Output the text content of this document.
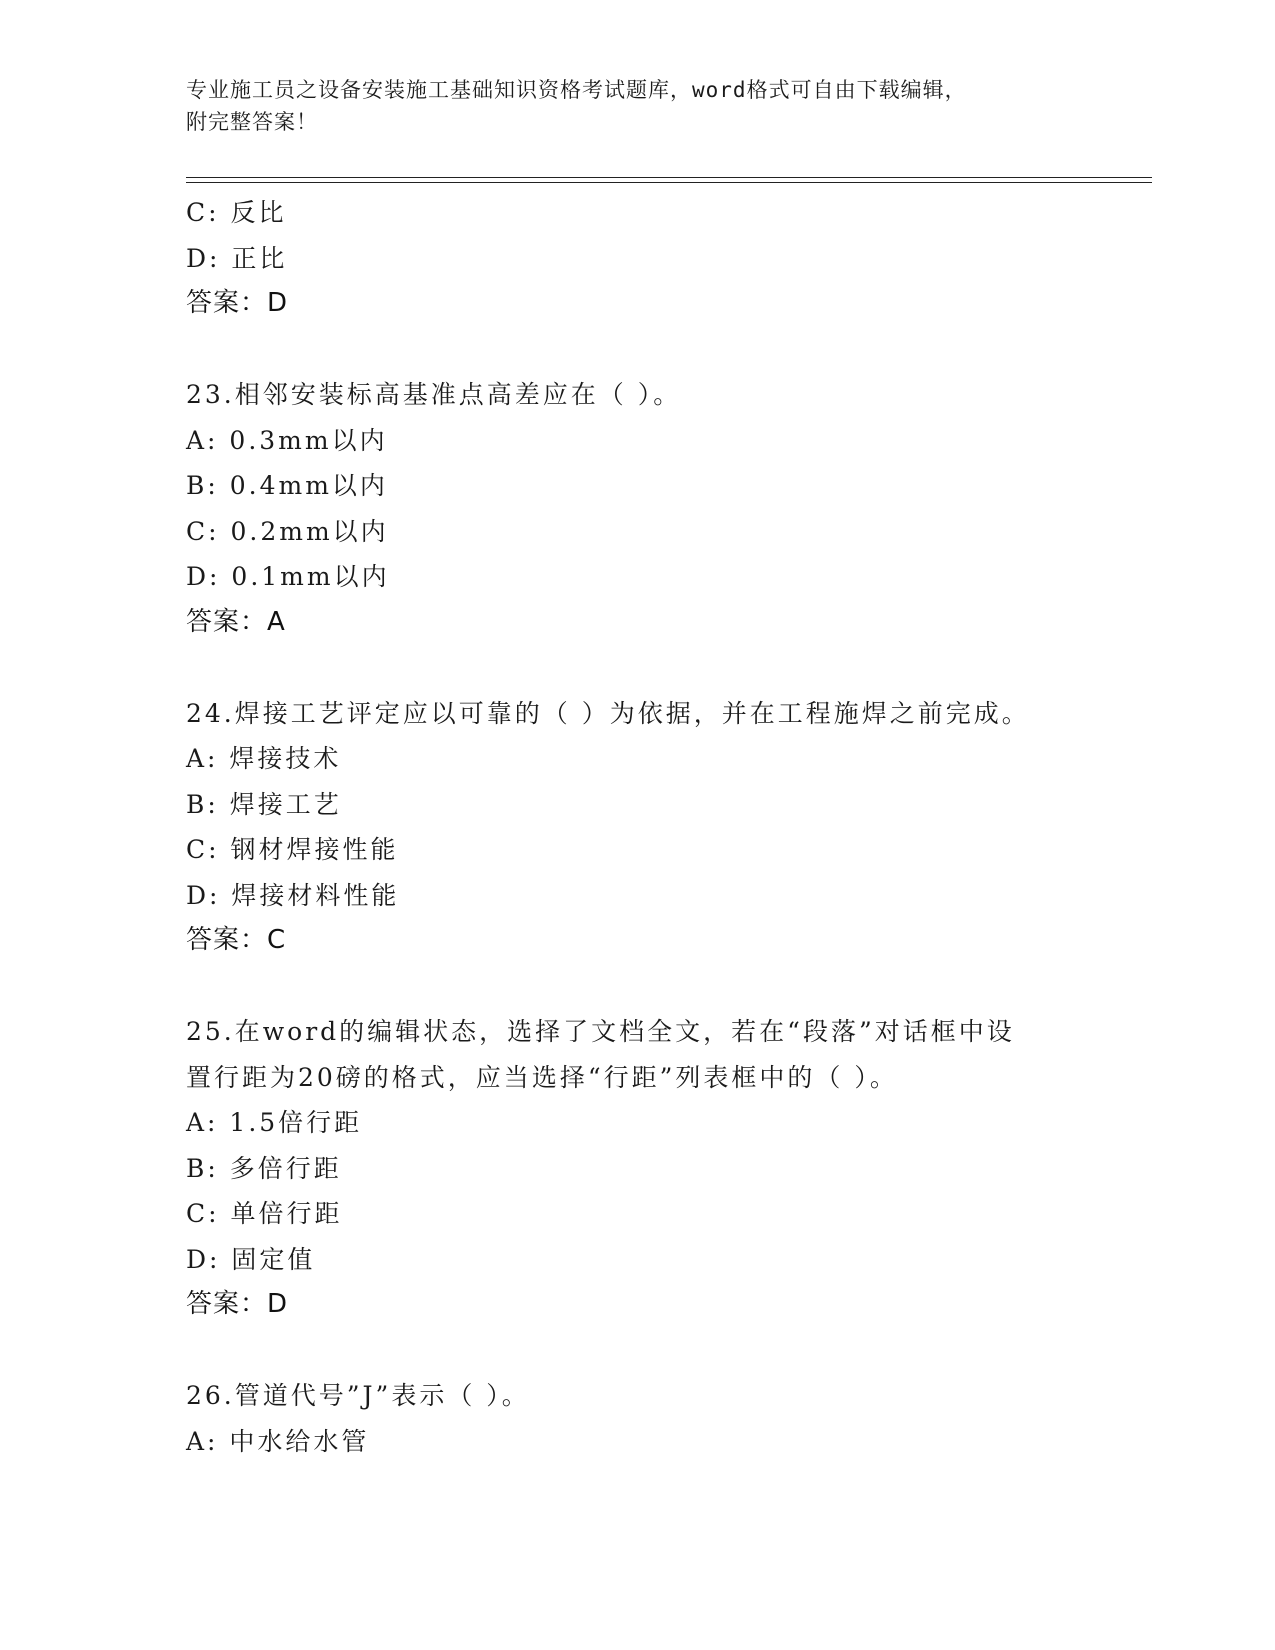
专业施工员之设备安装施工基础知识资格考试题库，word格式可自由下载编辑，
附完整答案！
C: 反比
D: 正比
答案：D
23.相邻安装标高基准点高差应在（ ）。
A: 0.3mm以内
B: 0.4mm以内
C: 0.2mm以内
D: 0.1mm以内
答案：A
24.焊接工艺评定应以可靠的（ ）为依据，并在工程施焊之前完成。
A: 焊接技术
B: 焊接工艺
C: 钢材焊接性能
D: 焊接材料性能
答案：C
25.在word的编辑状态，选择了文档全文，若在“段落”对话框中设
置行距为20磅的格式，应当选择“行距”列表框中的（ ）。
A: 1.5倍行距
B: 多倍行距
C: 单倍行距
D: 固定值
答案：D
26.管道代号”J”表示（ ）。
A: 中水给水管
